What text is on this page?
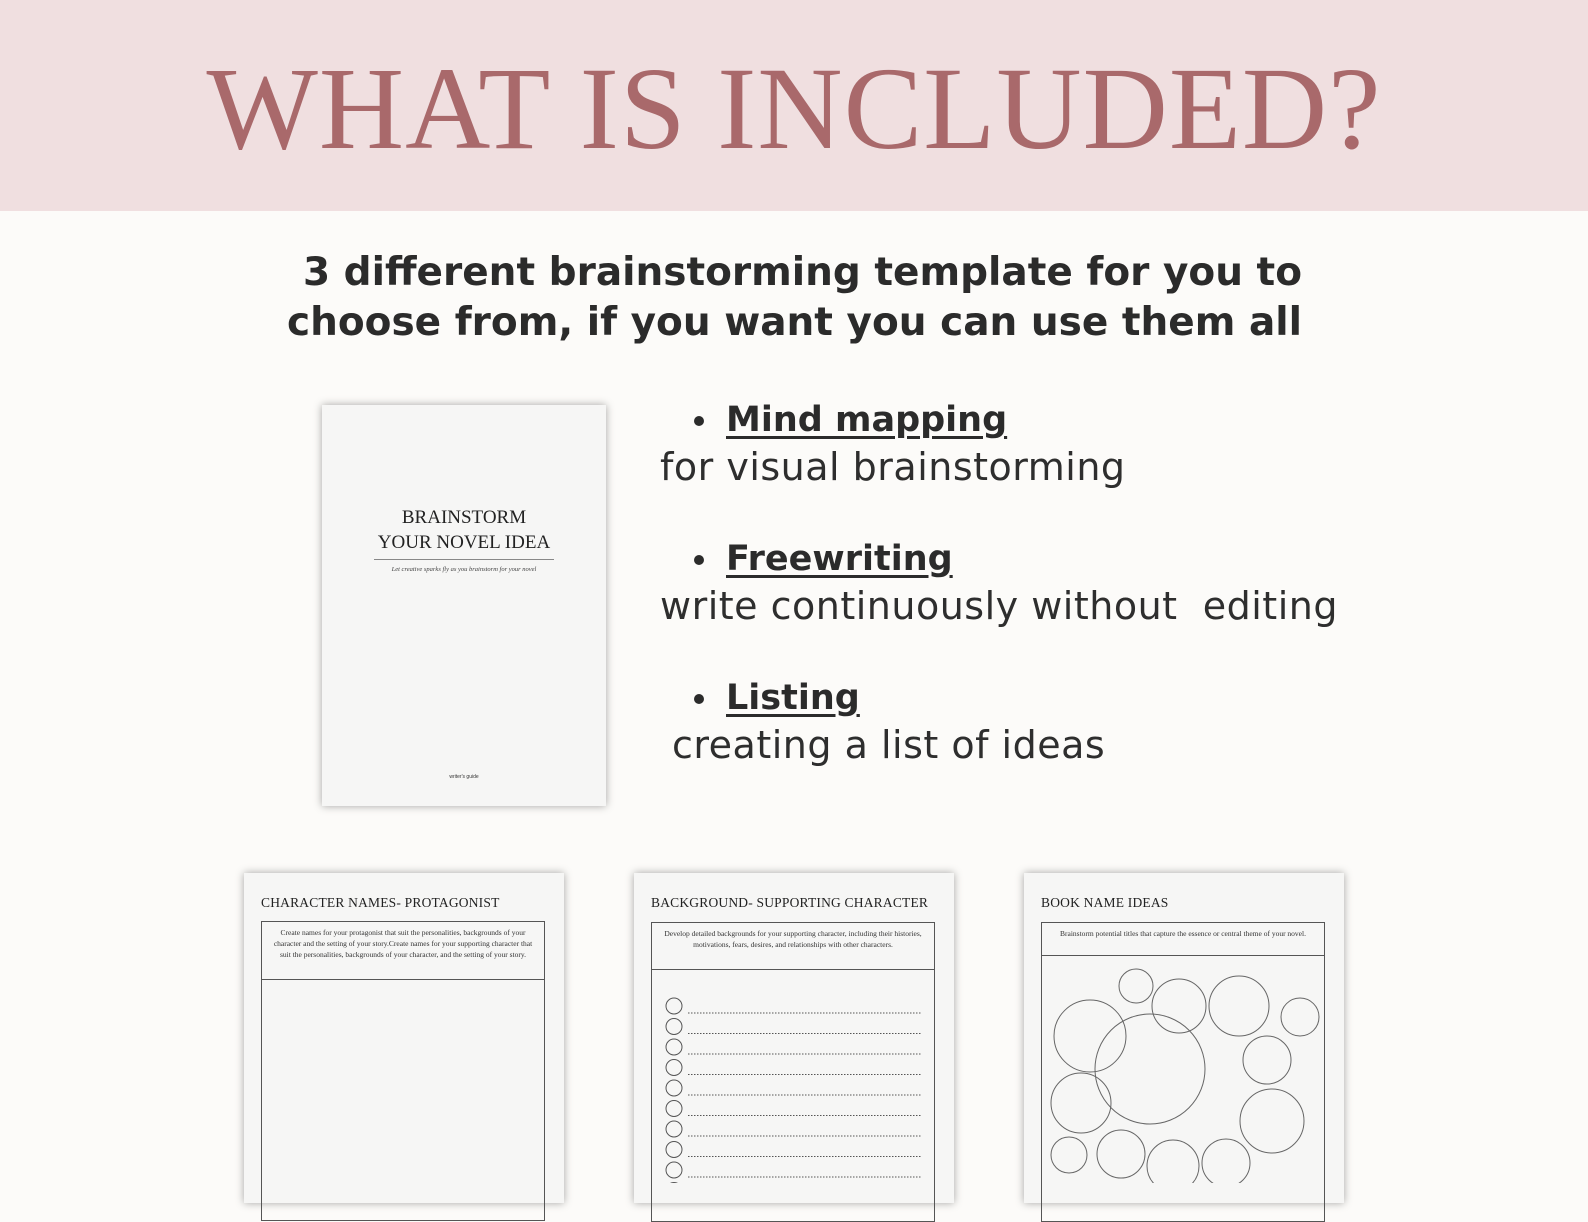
WHAT IS INCLUDED?
3 different brainstorming template for you to
choose from, if you want you can use them all
BRAINSTORM
YOUR NOVEL IDEA
Let creative sparks fly as you brainstorm for your novel
writer's guide
Mind mapping
for visual brainstorming
Freewriting
write continuously without  editing
Listing
creating a list of ideas
CHARACTER NAMES- PROTAGONIST
Create names for your protagonist that suit the personalities, backgrounds of your character and the setting of your story.Create names for your supporting character that suit the personalities, backgrounds of your character, and the setting of your story.
BACKGROUND- SUPPORTING CHARACTER
Develop detailed backgrounds for your supporting character, including their histories, motivations, fears, desires, and relationships with other characters.
BOOK NAME IDEAS
Brainstorm potential titles that capture the essence or central theme of your novel.
